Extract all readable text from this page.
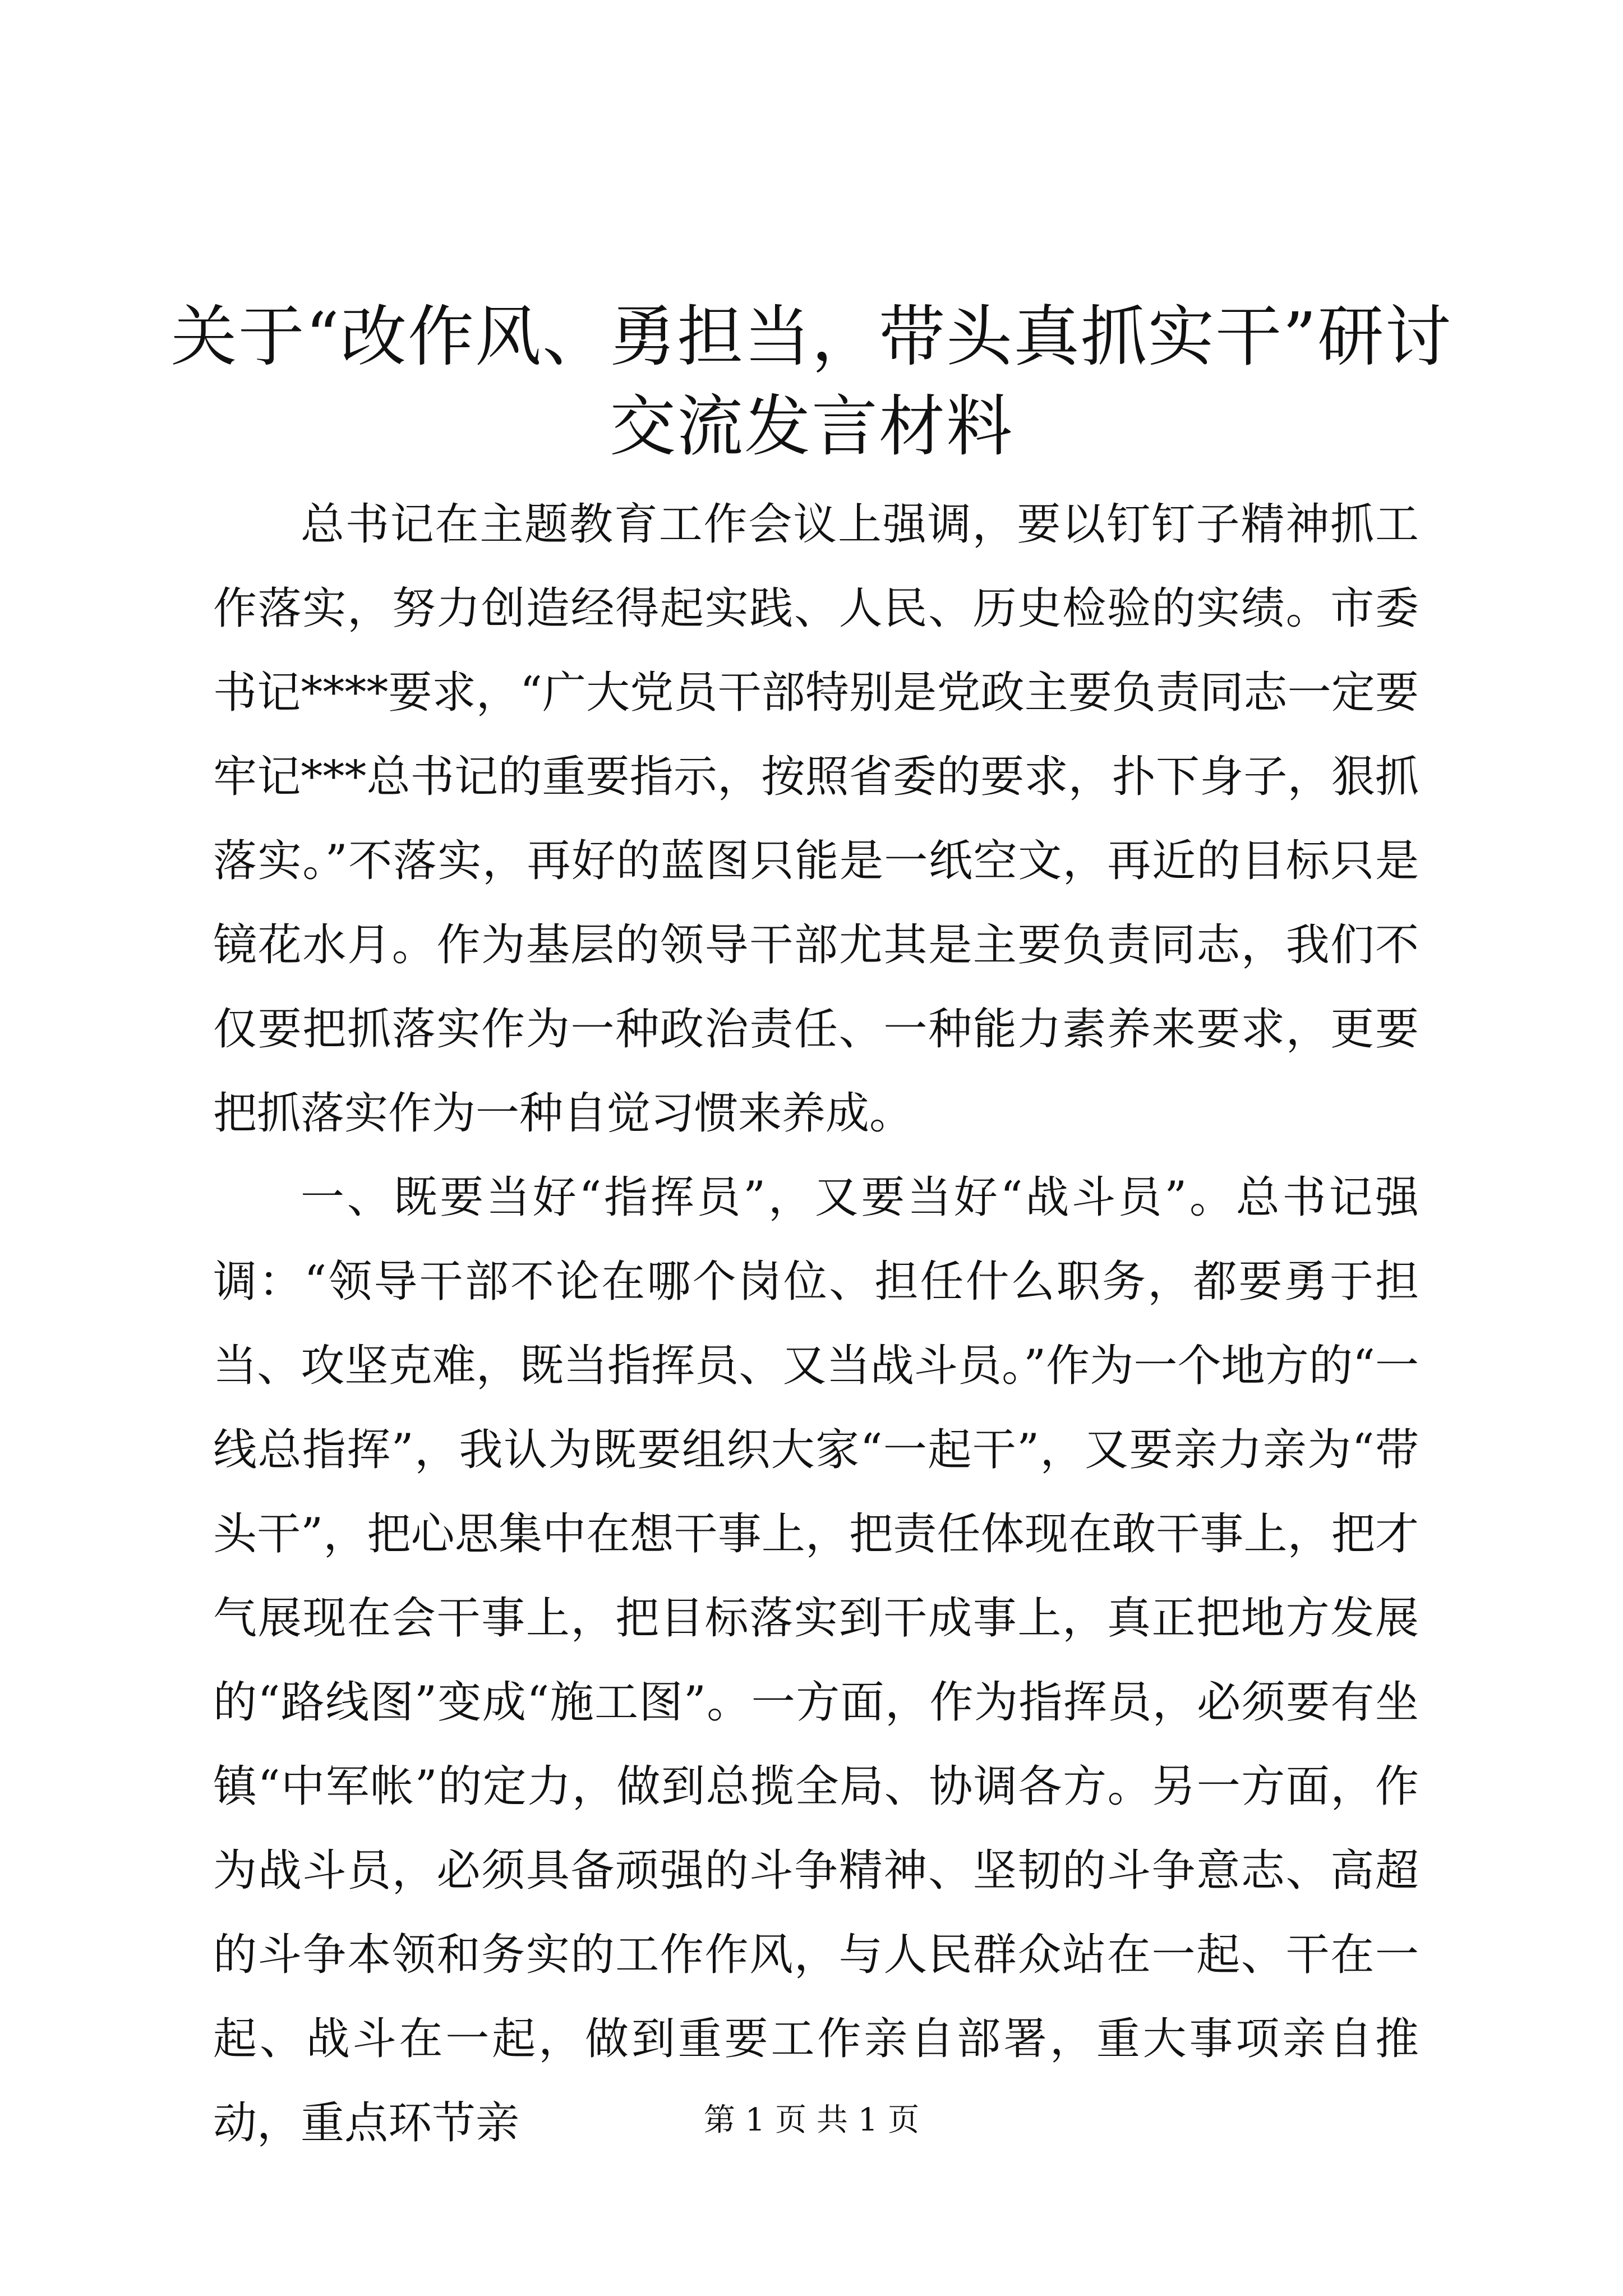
关于“改作风、勇担当，带头真抓实干”研讨
交流发言材料

总书记在主题教育工作会议上强调，要以钉钉子精神抓工作落实，努力创造经得起实践、人民、历史检验的实绩。市委书记****要求，“广大党员干部特别是党政主要负责同志一定要牢记***总书记的重要指示，按照省委的要求，扑下身子，狠抓落实。”不落实，再好的蓝图只能是一纸空文，再近的目标只是镜花水月。作为基层的领导干部尤其是主要负责同志，我们不仅要把抓落实作为一种政治责任、一种能力素养来要求，更要把抓落实作为一种自觉习惯来养成。

一、既要当好“指挥员”，又要当好“战斗员”。总书记强调：“领导干部不论在哪个岗位、担任什么职务，都要勇于担当、攻坚克难，既当指挥员、又当战斗员。”作为一个地方的“一线总指挥”，我认为既要组织大家“一起干”，又要亲力亲为“带头干”，把心思集中在想干事上，把责任体现在敢干事上，把才气展现在会干事上，把目标落实到干成事上，真正把地方发展的“路线图”变成“施工图”。一方面，作为指挥员，必须要有坐镇“中军帐”的定力，做到总揽全局、协调各方。另一方面，作为战斗员，必须具备顽强的斗争精神、坚韧的斗争意志、高超的斗争本领和务实的工作作风，与人民群众站在一起、干在一起、战斗在一起，做到重要工作亲自部署，重大事项亲自推动，重点环节亲	第 1 页 共 1 页
